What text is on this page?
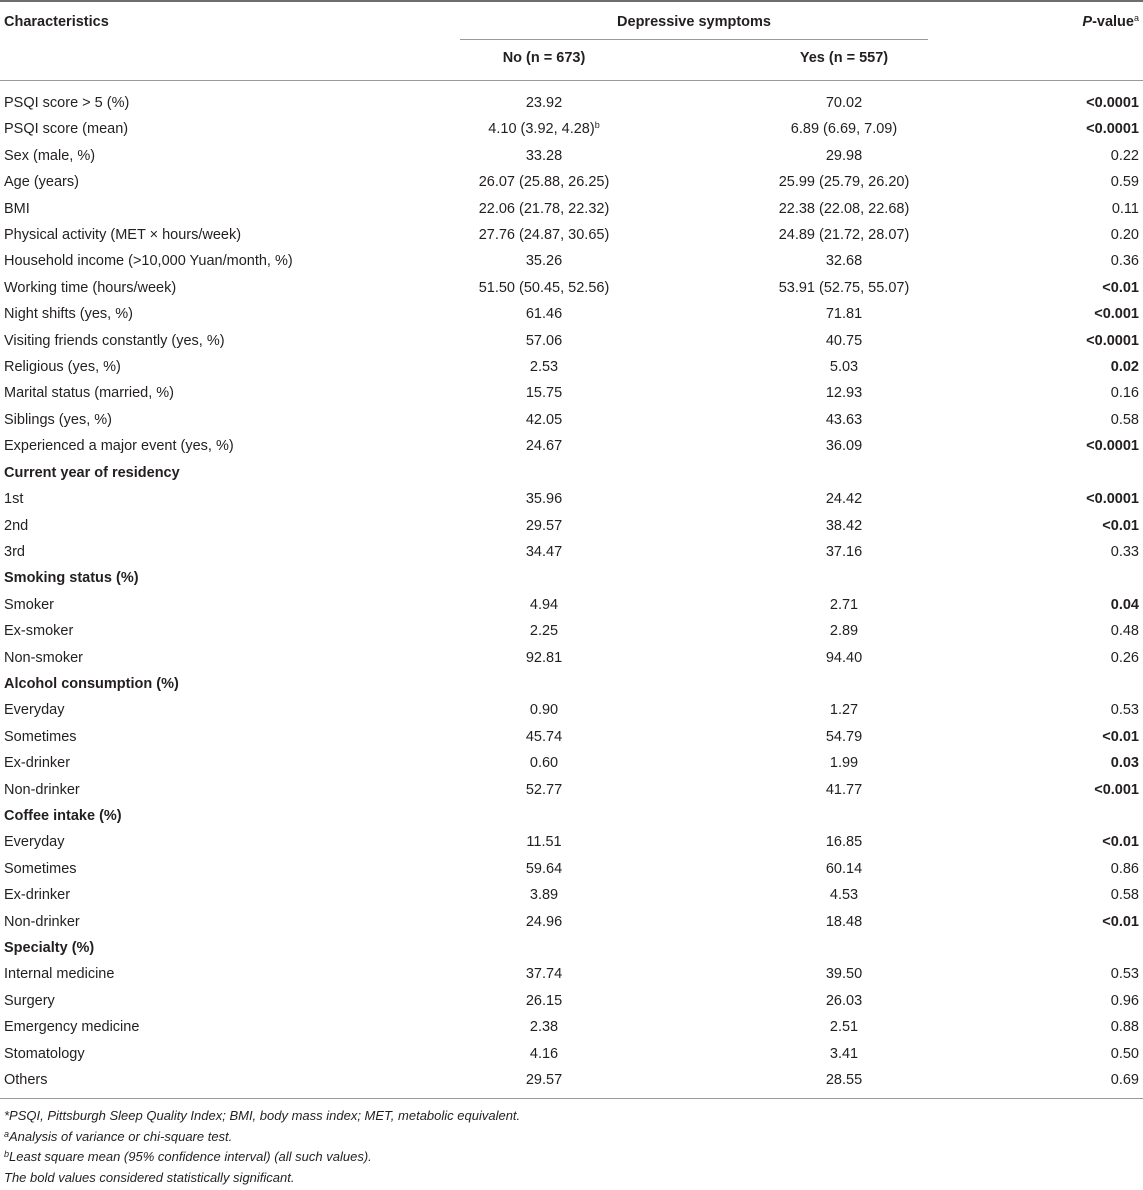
Characteristics	Depressive symptoms	P-value$^a$
No (n = 673)	Yes (n = 557)
PSQI score > 5 (%)	23.92		70.02	<0.0001
PSQI score (mean)	4.10 (3.92, 4.28)$^b$		6.89 (6.69, 7.09)	<0.0001
Sex (male, %)	33.28		29.98	0.22
Age (years)	26.07 (25.88, 26.25)		25.99 (25.79, 26.20)	0.59
BMI	22.06 (21.78, 22.32)		22.38 (22.08, 22.68)	0.11
Physical activity (MET × hours/week)	27.76 (24.87, 30.65)		24.89 (21.72, 28.07)	0.20
Household income (>10,000 Yuan/month, %)	35.26		32.68	0.36
Working time (hours/week)	51.50 (50.45, 52.56)		53.91 (52.75, 55.07)	<0.01
Night shifts (yes, %)	61.46		71.81	<0.001
Visiting friends constantly (yes, %)	57.06		40.75	<0.0001
Religious (yes, %)	2.53		5.03	0.02
Marital status (married, %)	15.75		12.93	0.16
Siblings (yes, %)	42.05		43.63	0.58
Experienced a major event (yes, %)	24.67		36.09	<0.0001
Current year of residency				
1st	35.96		24.42	<0.0001
2nd	29.57		38.42	<0.01
3rd	34.47		37.16	0.33
Smoking status (%)				
Smoker	4.94		2.71	0.04
Ex-smoker	2.25		2.89	0.48
Non-smoker	92.81		94.40	0.26
Alcohol consumption (%)				
Everyday	0.90		1.27	0.53
Sometimes	45.74		54.79	<0.01
Ex-drinker	0.60		1.99	0.03
Non-drinker	52.77		41.77	<0.001
Coffee intake (%)				
Everyday	11.51		16.85	<0.01
Sometimes	59.64		60.14	0.86
Ex-drinker	3.89		4.53	0.58
Non-drinker	24.96		18.48	<0.01
Specialty (%)				
Internal medicine	37.74		39.50	0.53
Surgery	26.15		26.03	0.96
Emergency medicine	2.38		2.51	0.88
Stomatology	4.16		3.41	0.50
Others	29.57		28.55	0.69
*PSQI, Pittsburgh Sleep Quality Index; BMI, body mass index; MET, metabolic equivalent.
$^a$Analysis of variance or chi-square test.
$^b$Least square mean (95% confidence interval) (all such values).
The bold values considered statistically significant.
